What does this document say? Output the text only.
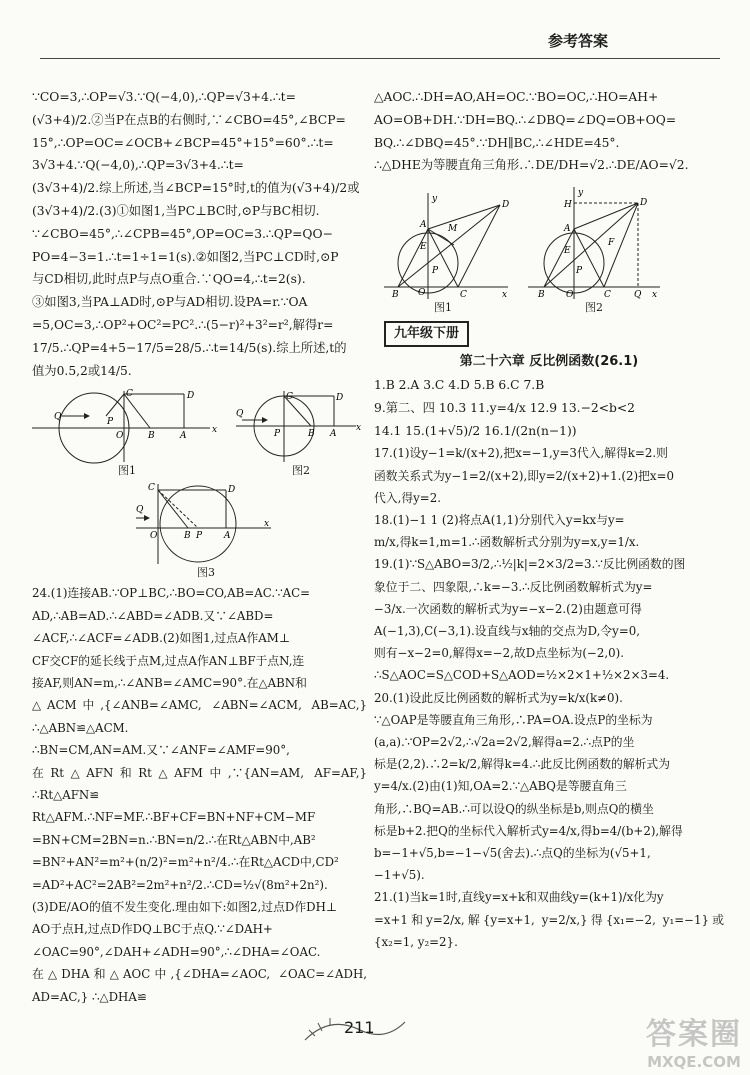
参考答案

∵CO=3,∴OP=√3.∵Q(−4,0),∴QP=√3+4.∴t=

(√3+4)/2.②当P在点B的右侧时,∵∠CBO=45°,∠BCP=

15°,∴OP=OC=∠OCB+∠BCP=45°+15°=60°.∴t=

3√3+4.∵Q(−4,0),∴QP=3√3+4.∴t=

(3√3+4)/2.综上所述,当∠BCP=15°时,t的值为(√3+4)/2或

(3√3+4)/2.(3)①如图1,当PC⊥BC时,⊙P与BC相切.

∵∠CBO=45°,∴∠CPB=45°,OP=OC=3.∴QP=QO−

PO=4−3=1.∴t=1÷1=1(s).②如图2,当PC⊥CD时,⊙P

与CD相切,此时点P与点O重合.∵QO=4,∴t=2(s).

③如图3,当PA⊥AD时,⊙P与AD相切.设PA=r.∵OA

=5,OC=3,∴OP²+OC²=PC².∴(5−r)²+3²=r²,解得r=

17/5.∴QP=4+5−17/5=28/5.∴t=14/5(s).综上所述,t的

值为0.5,2或14/5.

Q	P
O
C
B	A
D
x
图1
Q
P
C
B A
D
x
图2
Q
C
O	B P A
D
x
图3

24.(1)连接AB.∵OP⊥BC,∴BO=CO,AB=AC.∵AC=

AD,∴AB=AD.∴∠ABD=∠ADB.又∵∠ABD=

∠ACF,∴∠ACF=∠ADB.(2)如图1,过点A作AM⊥

CF交CF的延长线于点M,过点A作AN⊥BF于点N,连

接AF,则AN=m,∴∠ANB=∠AMC=90°.在△ABN和

△ACM中,{∠ANB=∠AMC, ∠ABN=∠ACM, AB=AC,} ∴△ABN≌△ACM.

∴BN=CM,AN=AM.又∵∠ANF=∠AMF=90°,

在Rt△AFN和Rt△AFM中,∵{AN=AM, AF=AF,} ∴Rt△AFN≌

Rt△AFM.∴NF=MF.∴BF+CF=BN+NF+CM−MF

=BN+CM=2BN=n.∴BN=n/2.∴在Rt△ABN中,AB²

=BN²+AN²=m²+(n/2)²=m²+n²/4.∴在Rt△ACD中,CD²

=AD²+AC²=2AB²=2m²+n²/2.∴CD=½√(8m²+2n²).

(3)DE/AO的值不发生变化.理由如下:如图2,过点D作DH⊥

AO于点H,过点D作DQ⊥BC于点Q.∵∠DAH+

∠OAC=90°,∠DAH+∠ADH=90°,∴∠DHA=∠OAC.

在△DHA和△AOC中,{∠DHA=∠AOC, ∠OAC=∠ADH, AD=AC,} ∴△DHA≌

△AOC.∴DH=AO,AH=OC.∵BO=OC,∴HO=AH+

AO=OB+DH.∵DH=BQ.∴∠DBQ=∠DQ=OB+OQ=

BQ.∴∠DBQ=45°.∵DH∥BC,∴∠HDE=45°.

∴△DHE为等腰直角三角形.∴DE/DH=√2.∴DE/AO=√2.

O
B	C
D
A
E
P
M
y
x
图1
H	D
A
E
F
P
O
B	C	Q
y
x
图2
九年级下册
第二十六章 反比例函数(26.1)

1.B 2.A 3.C 4.D 5.B 6.C 7.B

9.第二、四 10.3 11.y=4/x 12.9 13.−2<b<2

14.1 15.(1+√5)/2 16.1/(2n(n−1))

17.(1)设y−1=k/(x+2),把x=−1,y=3代入,解得k=2.则

函数关系式为y−1=2/(x+2),即y=2/(x+2)+1.(2)把x=0

代入,得y=2.

18.(1)−1 1 (2)将点A(1,1)分别代入y=kx与y=

m/x,得k=1,m=1.∴函数解析式分别为y=x,y=1/x.

19.(1)∵S△ABO=3/2,∴½|k|=2×3/2=3.∵反比例函数的图

象位于二、四象限,∴k=−3.∴反比例函数解析式为y=

−3/x.一次函数的解析式为y=−x−2.(2)由题意可得

A(−1,3),C(−3,1).设直线与x轴的交点为D,令y=0,

则有−x−2=0,解得x=−2,故D点坐标为(−2,0).

∴S△AOC=S△COD+S△AOD=½×2×1+½×2×3=4.

20.(1)设此反比例函数的解析式为y=k/x(k≠0).

∵△OAP是等腰直角三角形,∴PA=OA.设点P的坐标为

(a,a).∵OP=2√2,∴√2a=2√2,解得a=2.∴点P的坐

标是(2,2).∴2=k/2,解得k=4.∴此反比例函数的解析式为

y=4/x.(2)由(1)知,OA=2.∵△ABQ是等腰直角三

角形,∴BQ=AB.∴可以设Q的纵坐标是b,则点Q的横坐

标是b+2.把Q的坐标代入解析式y=4/x,得b=4/(b+2),解得

b=−1+√5,b=−1−√5(舍去).∴点Q的坐标为(√5+1,

−1+√5).

21.(1)当k=1时,直线y=x+k和双曲线y=(k+1)/x化为y

=x+1和y=2/x,解{y=x+1, y=2/x,}得{x₁=−2, y₁=−1}或{x₂=1, y₂=2}.

211	答案圈
MXQE.COM
